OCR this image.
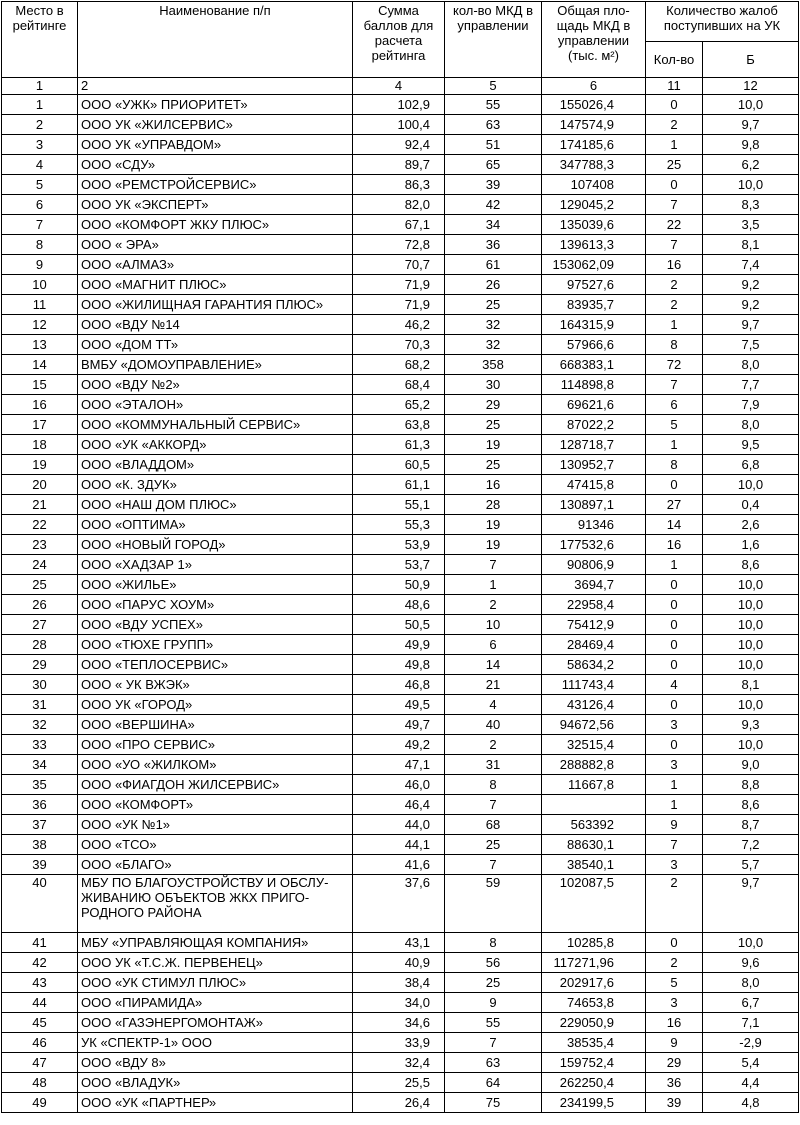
Место в рейтинге	Наименование п/п	Сумма баллов для расчета рейтинга	кол-во МКД в управлении	Общая пло-щадь МКД в управлении (тыс. м²)	Количество жалоб поступивших на УК	
					Кол-во	Б
1	2	4	5	6	11	12
1	ООО «УЖК» ПРИОРИТЕТ»	102,9	55	155026,4	0	10,0
2	ООО УК «ЖИЛСЕРВИС»	100,4	63	147574,9	2	9,7
3	ООО УК «УПРАВДОМ»	92,4	51	174185,6	1	9,8
4	ООО «СДУ»	89,7	65	347788,3	25	6,2
5	ООО «РЕМСТРОЙСЕРВИС»	86,3	39	107408	0	10,0
6	ООО УК «ЭКСПЕРТ»	82,0	42	129045,2	7	8,3
7	ООО «КОМФОРТ ЖКУ ПЛЮС»	67,1	34	135039,6	22	3,5
8	ООО « ЭРА»	72,8	36	139613,3	7	8,1
9	ООО «АЛМАЗ»	70,7	61	153062,09	16	7,4
10	ООО «МАГНИТ ПЛЮС»	71,9	26	97527,6	2	9,2
11	ООО «ЖИЛИЩНАЯ ГАРАНТИЯ ПЛЮС»	71,9	25	83935,7	2	9,2
12	ООО «ВДУ №14	46,2	32	164315,9	1	9,7
13	ООО «ДОМ ТТ»	70,3	32	57966,6	8	7,5
14	ВМБУ «ДОМОУПРАВЛЕНИЕ»	68,2	358	668383,1	72	8,0
15	ООО «ВДУ №2»	68,4	30	114898,8	7	7,7
16	ООО «ЭТАЛОН»	65,2	29	69621,6	6	7,9
17	ООО «КОММУНАЛЬНЫЙ СЕРВИС»	63,8	25	87022,2	5	8,0
18	ООО «УК «АККОРД»	61,3	19	128718,7	1	9,5
19	ООО «ВЛАДДОМ»	60,5	25	130952,7	8	6,8
20	ООО «К. ЗДУК»	61,1	16	47415,8	0	10,0
21	ООО «НАШ ДОМ ПЛЮС»	55,1	28	130897,1	27	0,4
22	ООО «ОПТИМА»	55,3	19	91346	14	2,6
23	ООО «НОВЫЙ ГОРОД»	53,9	19	177532,6	16	1,6
24	ООО «ХАДЗАР 1»	53,7	7	90806,9	1	8,6
25	ООО «ЖИЛЬЕ»	50,9	1	3694,7	0	10,0
26	ООО «ПАРУС ХОУМ»	48,6	2	22958,4	0	10,0
27	ООО «ВДУ УСПЕХ»	50,5	10	75412,9	0	10,0
28	ООО «ТЮХЕ ГРУПП»	49,9	6	28469,4	0	10,0
29	ООО «ТЕПЛОСЕРВИС»	49,8	14	58634,2	0	10,0
30	ООО « УК ВЖЭК»	46,8	21	111743,4	4	8,1
31	ООО УК «ГОРОД»	49,5	4	43126,4	0	10,0
32	ООО «ВЕРШИНА»	49,7	40	94672,56	3	9,3
33	ООО «ПРО СЕРВИС»	49,2	2	32515,4	0	10,0
34	ООО «УО «ЖИЛКОМ»	47,1	31	288882,8	3	9,0
35	ООО «ФИАГДОН ЖИЛСЕРВИС»	46,0	8	11667,8	1	8,8
36	ООО «КОМФОРТ»	46,4	7		1	8,6
37	ООО «УК №1»	44,0	68	563392	9	8,7
38	ООО «ТСО»	44,1	25	88630,1	7	7,2
39	ООО «БЛАГО»	41,6	7	38540,1	3	5,7
40	МБУ ПО БЛАГОУСТРОЙСТВУ И ОБСЛУ-ЖИВАНИЮ ОБЪЕКТОВ ЖКХ ПРИГО-РОДНОГО РАЙОНА	37,6	59	102087,5	2	9,7
41	МБУ «УПРАВЛЯЮЩАЯ КОМПАНИЯ»	43,1	8	10285,8	0	10,0
42	ООО УК «Т.С.Ж. ПЕРВЕНЕЦ»	40,9	56	117271,96	2	9,6
43	ООО «УК СТИМУЛ ПЛЮС»	38,4	25	202917,6	5	8,0
44	ООО «ПИРАМИДА»	34,0	9	74653,8	3	6,7
45	ООО «ГАЗЭНЕРГОМОНТАЖ»	34,6	55	229050,9	16	7,1
46	УК «СПЕКТР-1» ООО	33,9	7	38535,4	9	-2,9
47	ООО «ВДУ 8»	32,4	63	159752,4	29	5,4
48	ООО «ВЛАДУК»	25,5	64	262250,4	36	4,4
49	ООО «УК «ПАРТНЕР»	26,4	75	234199,5	39	4,8
